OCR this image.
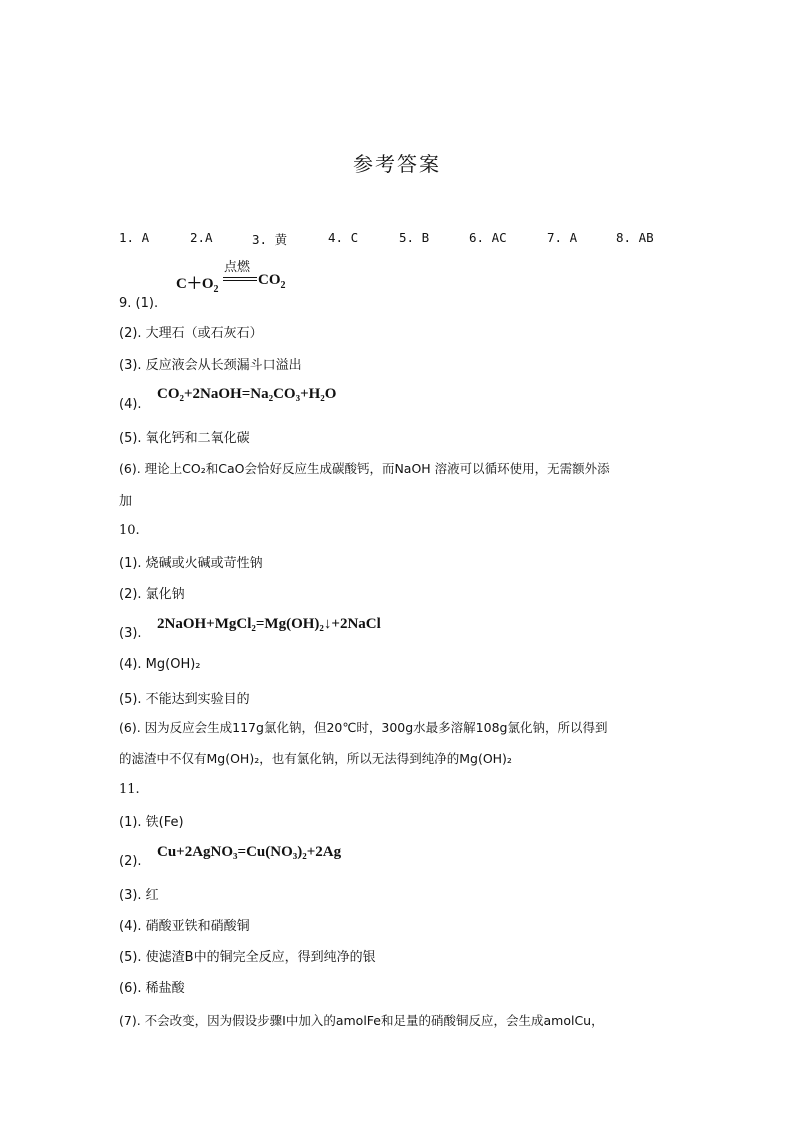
参考答案
1. A	2.A	3. 黄	4. C	5. B	6. AC	7. A	8. AB
$C+O_2$
点燃
$CO_2$
9. (1).
(2). 大理石（或石灰石）
(3). 反应液会从长颈漏斗口溢出
(4).
CO₂+2NaOH=Na₂CO₃+H₂O
(5). 氧化钙和二氧化碳
(6). 理论上CO₂和CaO会恰好反应生成碳酸钙，而NaOH 溶液可以循环使用，无需额外添
加
10.
(1). 烧碱或火碱或苛性钠
(2). 氯化钠
(3).
2NaOH+MgCl₂=Mg(OH)₂↓+2NaCl
(4). Mg(OH)₂
(5). 不能达到实验目的
(6). 因为反应会生成117g氯化钠，但20℃时，300g水最多溶解108g氯化钠，所以得到
的滤渣中不仅有Mg(OH)₂，也有氯化钠，所以无法得到纯净的Mg(OH)₂
11.
(1). 铁(Fe)
(2).
Cu+2AgNO₃=Cu(NO₃)₂+2Ag
(3). 红
(4). 硝酸亚铁和硝酸铜
(5). 使滤渣B中的铜完全反应，得到纯净的银
(6). 稀盐酸
(7). 不会改变，因为假设步骤Ⅰ中加入的amolFe和足量的硝酸铜反应，会生成amolCu，
